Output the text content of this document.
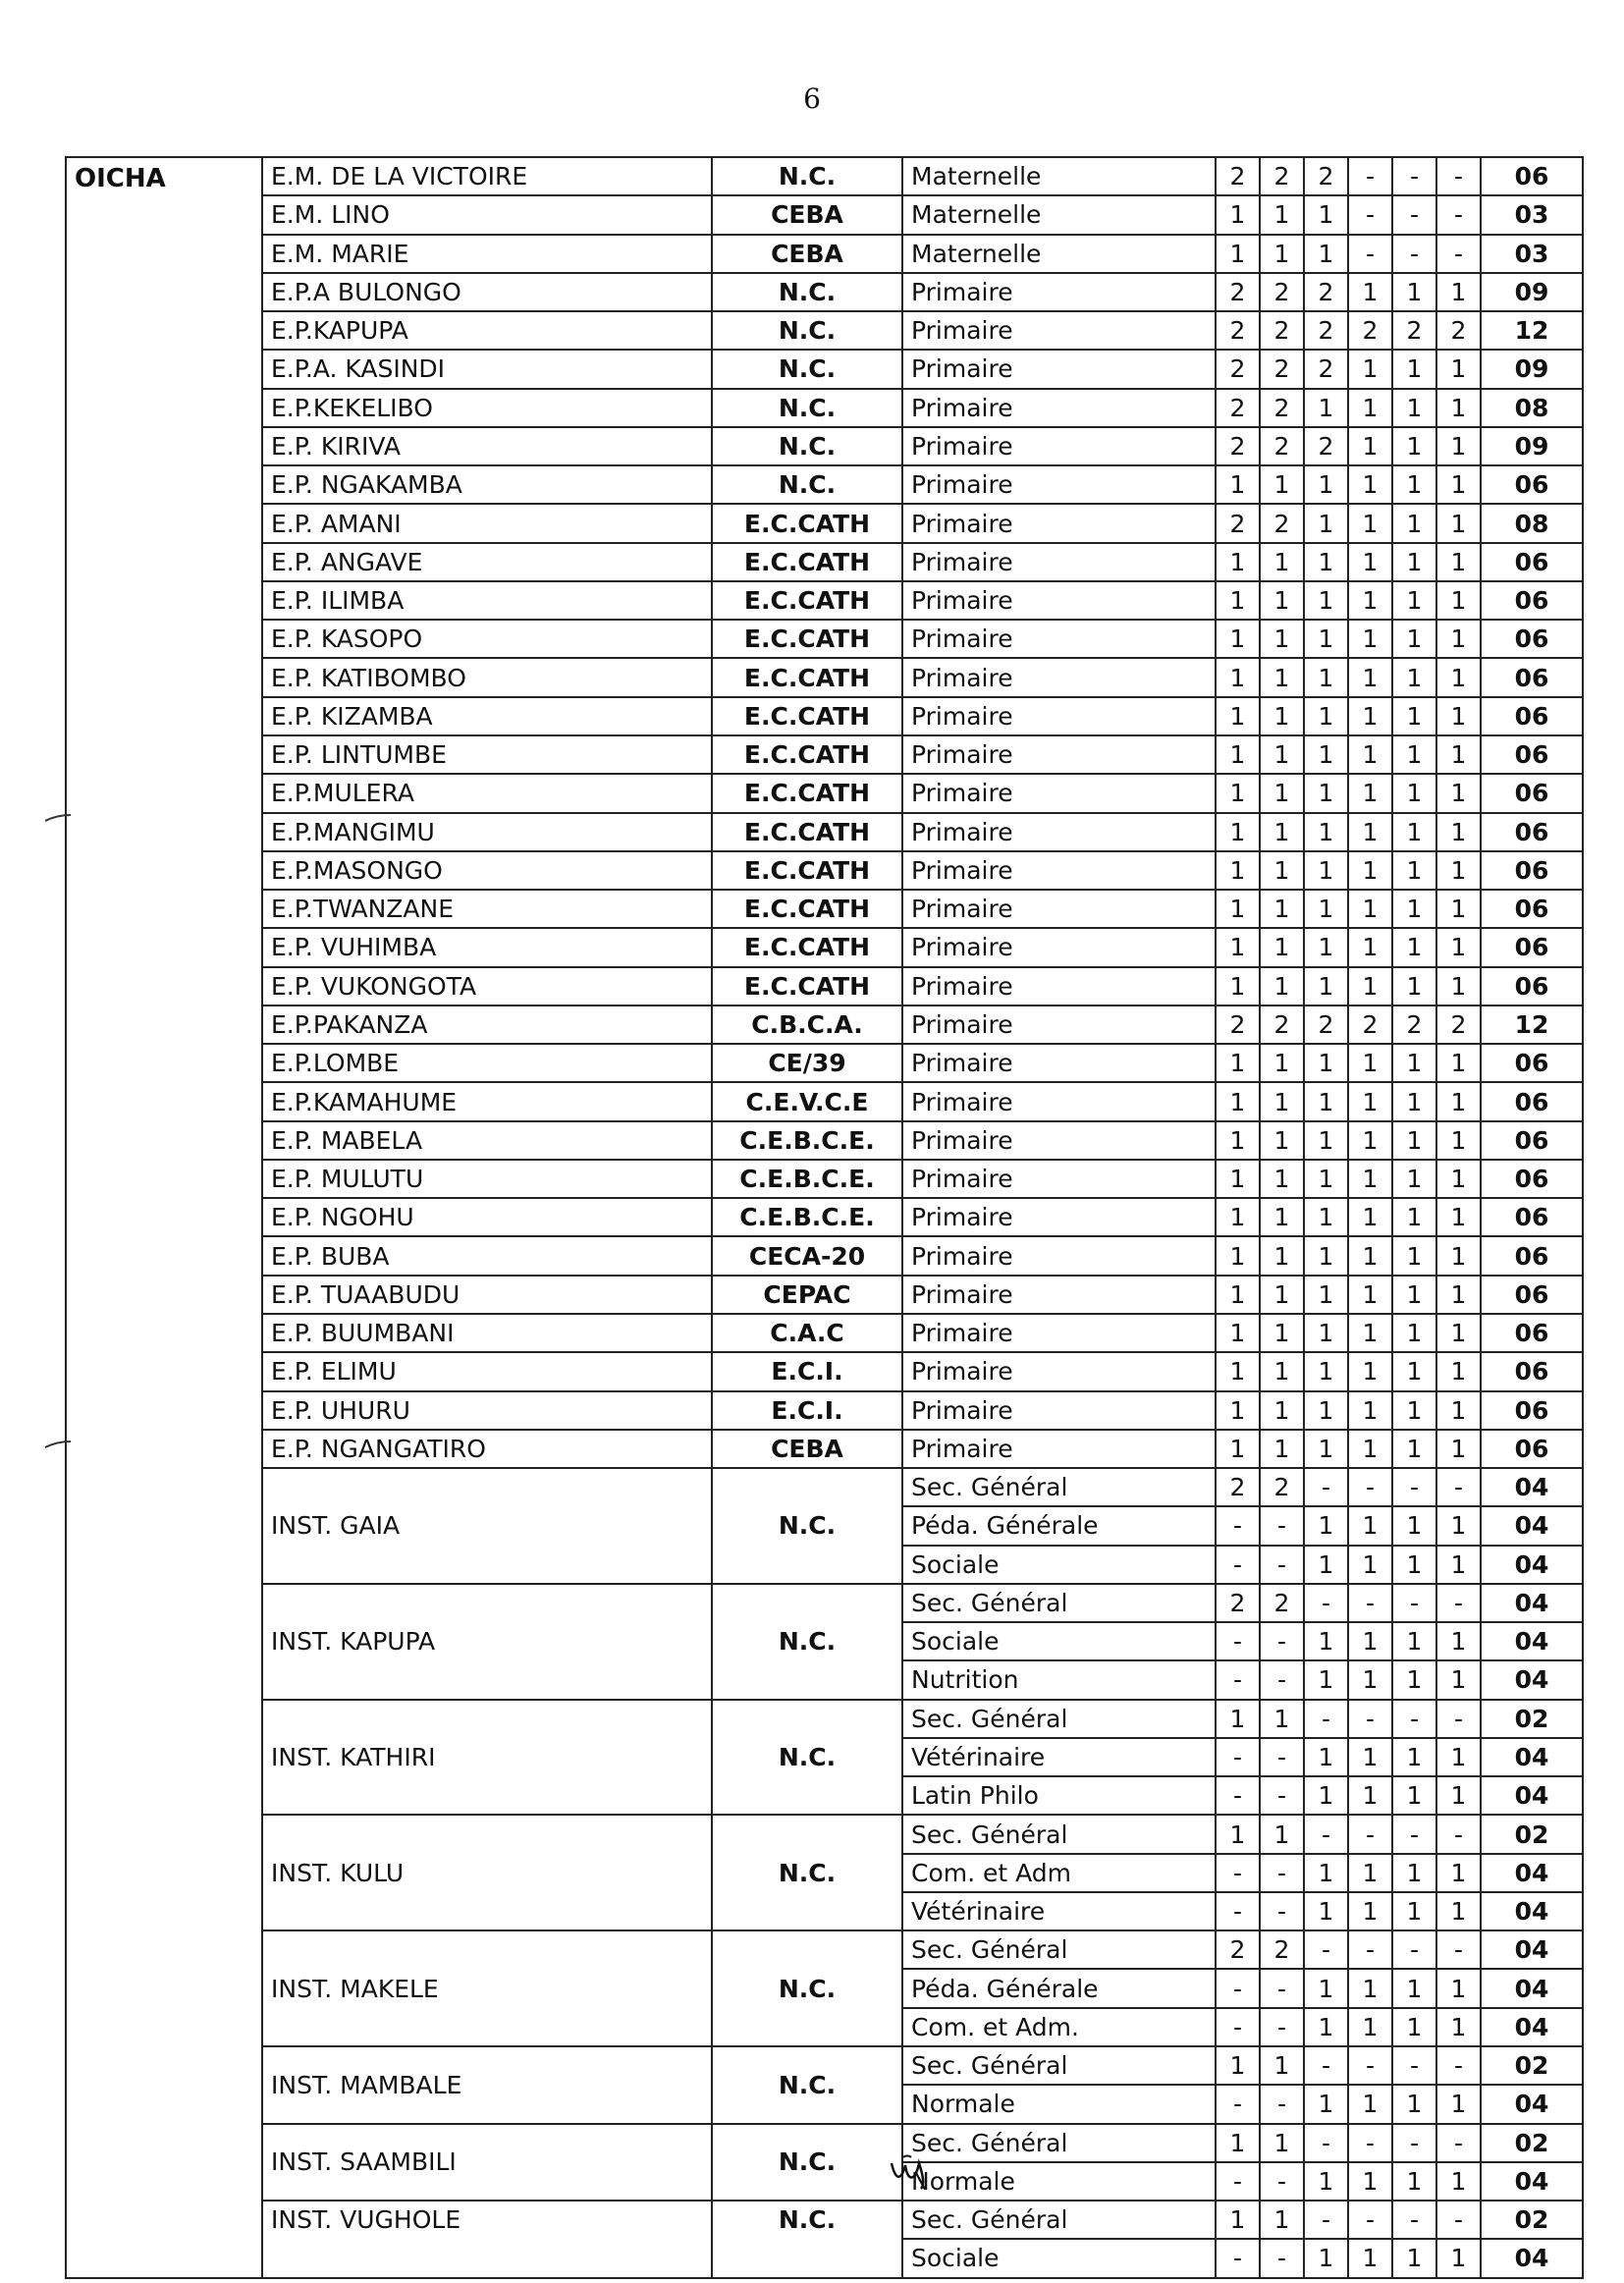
6
OICHA	E.M. DE LA VICTOIRE	N.C.	Maternelle	2	2	2	-	-	-	06
	E.M. LINO	CEBA	Maternelle	1	1	1	-	-	-	03
	E.M. MARIE	CEBA	Maternelle	1	1	1	-	-	-	03
	E.P.A BULONGO	N.C.	Primaire	2	2	2	1	1	1	09
	E.P.KAPUPA	N.C.	Primaire	2	2	2	2	2	2	12
	E.P.A. KASINDI	N.C.	Primaire	2	2	2	1	1	1	09
	E.P.KEKELIBO	N.C.	Primaire	2	2	1	1	1	1	08
	E.P. KIRIVA	N.C.	Primaire	2	2	2	1	1	1	09
	E.P. NGAKAMBA	N.C.	Primaire	1	1	1	1	1	1	06
	E.P. AMANI	E.C.CATH	Primaire	2	2	1	1	1	1	08
	E.P. ANGAVE	E.C.CATH	Primaire	1	1	1	1	1	1	06
	E.P. ILIMBA	E.C.CATH	Primaire	1	1	1	1	1	1	06
	E.P. KASOPO	E.C.CATH	Primaire	1	1	1	1	1	1	06
	E.P. KATIBOMBO	E.C.CATH	Primaire	1	1	1	1	1	1	06
	E.P. KIZAMBA	E.C.CATH	Primaire	1	1	1	1	1	1	06
	E.P. LINTUMBE	E.C.CATH	Primaire	1	1	1	1	1	1	06
	E.P.MULERA	E.C.CATH	Primaire	1	1	1	1	1	1	06
	E.P.MANGIMU	E.C.CATH	Primaire	1	1	1	1	1	1	06
	E.P.MASONGO	E.C.CATH	Primaire	1	1	1	1	1	1	06
	E.P.TWANZANE	E.C.CATH	Primaire	1	1	1	1	1	1	06
	E.P. VUHIMBA	E.C.CATH	Primaire	1	1	1	1	1	1	06
	E.P. VUKONGOTA	E.C.CATH	Primaire	1	1	1	1	1	1	06
	E.P.PAKANZA	C.B.C.A.	Primaire	2	2	2	2	2	2	12
	E.P.LOMBE	CE/39	Primaire	1	1	1	1	1	1	06
	E.P.KAMAHUME	C.E.V.C.E	Primaire	1	1	1	1	1	1	06
	E.P. MABELA	C.E.B.C.E.	Primaire	1	1	1	1	1	1	06
	E.P. MULUTU	C.E.B.C.E.	Primaire	1	1	1	1	1	1	06
	E.P. NGOHU	C.E.B.C.E.	Primaire	1	1	1	1	1	1	06
	E.P. BUBA	CECA-20	Primaire	1	1	1	1	1	1	06
	E.P. TUAABUDU	CEPAC	Primaire	1	1	1	1	1	1	06
	E.P. BUUMBANI	C.A.C	Primaire	1	1	1	1	1	1	06
	E.P. ELIMU	E.C.I.	Primaire	1	1	1	1	1	1	06
	E.P. UHURU	E.C.I.	Primaire	1	1	1	1	1	1	06
	E.P. NGANGATIRO	CEBA	Primaire	1	1	1	1	1	1	06
	INST. GAIA	N.C.	Sec. Général	2	2	-	-	-	-	04
			Péda. Générale	-	-	1	1	1	1	04
			Sociale	-	-	1	1	1	1	04
	INST. KAPUPA	N.C.	Sec. Général	2	2	-	-	-	-	04
			Sociale	-	-	1	1	1	1	04
			Nutrition	-	-	1	1	1	1	04
	INST. KATHIRI	N.C.	Sec. Général	1	1	-	-	-	-	02
			Vétérinaire	-	-	1	1	1	1	04
			Latin Philo	-	-	1	1	1	1	04
	INST. KULU	N.C.	Sec. Général	1	1	-	-	-	-	02
			Com. et Adm	-	-	1	1	1	1	04
			Vétérinaire	-	-	1	1	1	1	04
	INST. MAKELE	N.C.	Sec. Général	2	2	-	-	-	-	04
			Péda. Générale	-	-	1	1	1	1	04
			Com. et Adm.	-	-	1	1	1	1	04
	INST. MAMBALE	N.C.	Sec. Général	1	1	-	-	-	-	02
			Normale	-	-	1	1	1	1	04
	INST. SAAMBILI	N.C.	Sec. Général	1	1	-	-	-	-	02
			Normale	-	-	1	1	1	1	04
	INST. VUGHOLE	N.C.	Sec. Général	1	1	-	-	-	-	02
			Sociale	-	-	1	1	1	1	04
